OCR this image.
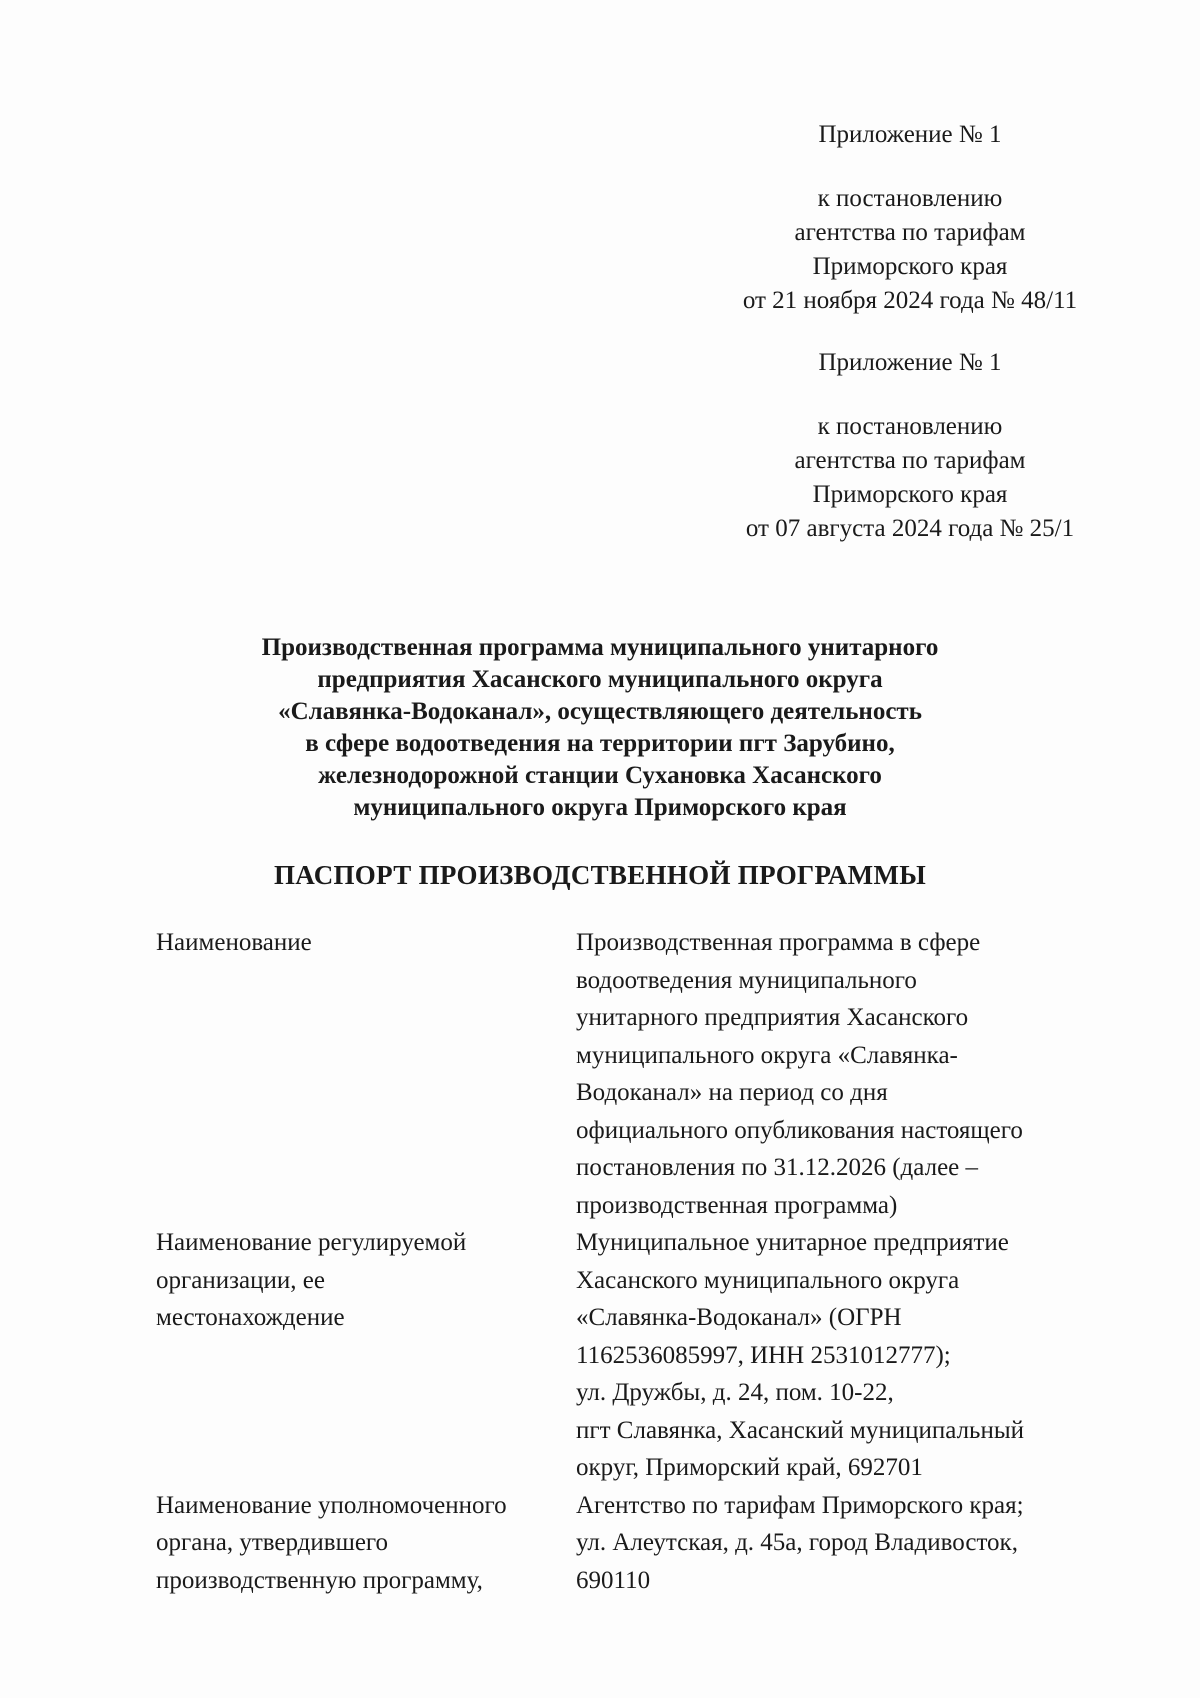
Приложение № 1
к постановлению
агентства по тарифам
Приморского края
от 21 ноября 2024 года № 48/11
Приложение № 1
к постановлению
агентства по тарифам
Приморского края
от 07 августа 2024 года № 25/1
Производственная программа муниципального унитарного
предприятия Хасанского муниципального округа
«Славянка-Водоканал», осуществляющего деятельность
в сфере водоотведения на территории пгт Зарубино,
железнодорожной станции Сухановка Хасанского
муниципального округа Приморского края
ПАСПОРТ ПРОИЗВОДСТВЕННОЙ ПРОГРАММЫ
Наименование	Производственная программа в сфере
водоотведения муниципального
унитарного предприятия Хасанского
муниципального округа «Славянка-
Водоканал» на период со дня
официального опубликования настоящего
постановления по 31.12.2026 (далее –
производственная программа)
Наименование регулируемой
организации, ее
местонахождение
Муниципальное унитарное предприятие
Хасанского муниципального округа
«Славянка-Водоканал» (ОГРН
1162536085997, ИНН 2531012777);
ул. Дружбы, д. 24, пом. 10-22,
пгт Славянка, Хасанский муниципальный
округ, Приморский край, 692701
Наименование уполномоченного
органа, утвердившего
производственную программу,
Агентство по тарифам Приморского края;
ул. Алеутская, д. 45а, город Владивосток,
690110
